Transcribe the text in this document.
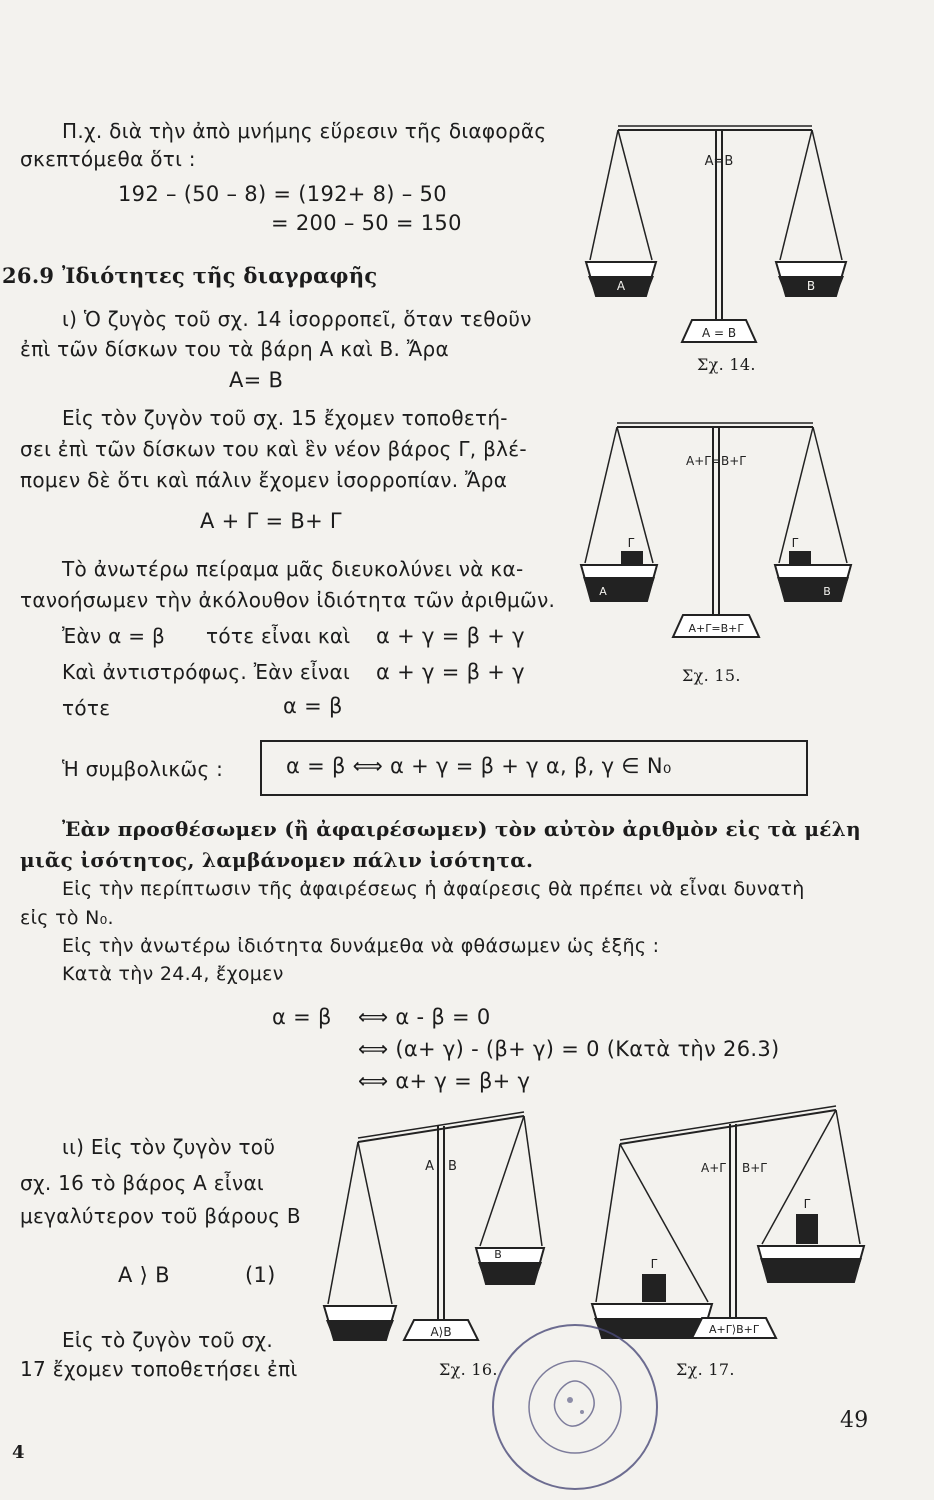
Π.χ. διὰ τὴν ἀπὸ μνήμης εὕρεσιν τῆς διαφορᾶς
σκεπτόμεθα ὅτι :
192 – (50 – 8) = (192+ 8) – 50
= 200 – 50 = 150
26.9 Ἰδιότητες τῆς διαγραφῆς
ι) Ὁ ζυγὸς τοῦ σχ. 14 ἰσορροπεῖ, ὅταν τεθοῦν
ἐπὶ τῶν δίσκων του τὰ βάρη Α καὶ Β. Ἄρα
Α= Β
Εἰς τὸν ζυγὸν τοῦ σχ. 15 ἔχομεν τοποθετή-
σει ἐπὶ τῶν δίσκων του καὶ ἓν νέον βάρος Γ, βλέ-
πομεν δὲ ὅτι καὶ πάλιν ἔχομεν ἰσορροπίαν. Ἄρα
Α + Γ = Β+ Γ
Τὸ ἀνωτέρω πείραμα μᾶς διευκολύνει νὰ κα-
τανοήσωμεν τὴν ἀκόλουθον ἰδιότητα τῶν ἀριθμῶν.
Ἐὰν α = β τότε εἶναι καὶ α + γ = β + γ
Καὶ ἀντιστρόφως. Ἐὰν εἶναι α + γ = β + γ
τότε	α = β
Ἡ συμβολικῶς :	α = β ⟺ α + γ = β + γ α, β, γ ∈ N₀
Ἐὰν προσθέσωμεν (ἢ ἀφαιρέσωμεν) τὸν αὐτὸν ἀριθμὸν εἰς τὰ μέλη
μιᾶς ἰσότητος, λαμβάνομεν πάλιν ἰσότητα.
Εἰς τὴν περίπτωσιν τῆς ἀφαιρέσεως ἡ ἀφαίρεσις θὰ πρέπει νὰ εἶναι δυνατὴ
εἰς τὸ N₀.
Εἰς τὴν ἀνωτέρω ἰδιότητα δυνάμεθα νὰ φθάσωμεν ὡς ἑξῆς :
Κατὰ τὴν 24.4, ἔχομεν
α = β ⟺ α - β = 0
⟺ (α+ γ) - (β+ γ) = 0 (Κατὰ τὴν 26.3)
⟺ α+ γ = β+ γ
ιι) Εἰς τὸν ζυγὸν τοῦ
σχ. 16 τὸ βάρος Α εἶναι
μεγαλύτερον τοῦ βάρους Β
Α ⟩ Β	(1)
Εἰς τὸ ζυγὸν τοῦ σχ.
17 ἔχομεν τοποθετήσει ἐπὶ
Α=Β
Α = Β
Α	Β
Σχ. 14.
Α+Γ=Β+Γ
Α+Γ=Β+Γ
Γ	Γ
Α	Β
Σχ. 15.
Α Β
Α⟩Β
Β
Σχ. 16.
Α+Γ Β+Γ
Α+Γ⟩Β+Γ
Γ
Γ
Σχ. 17.
49
4
